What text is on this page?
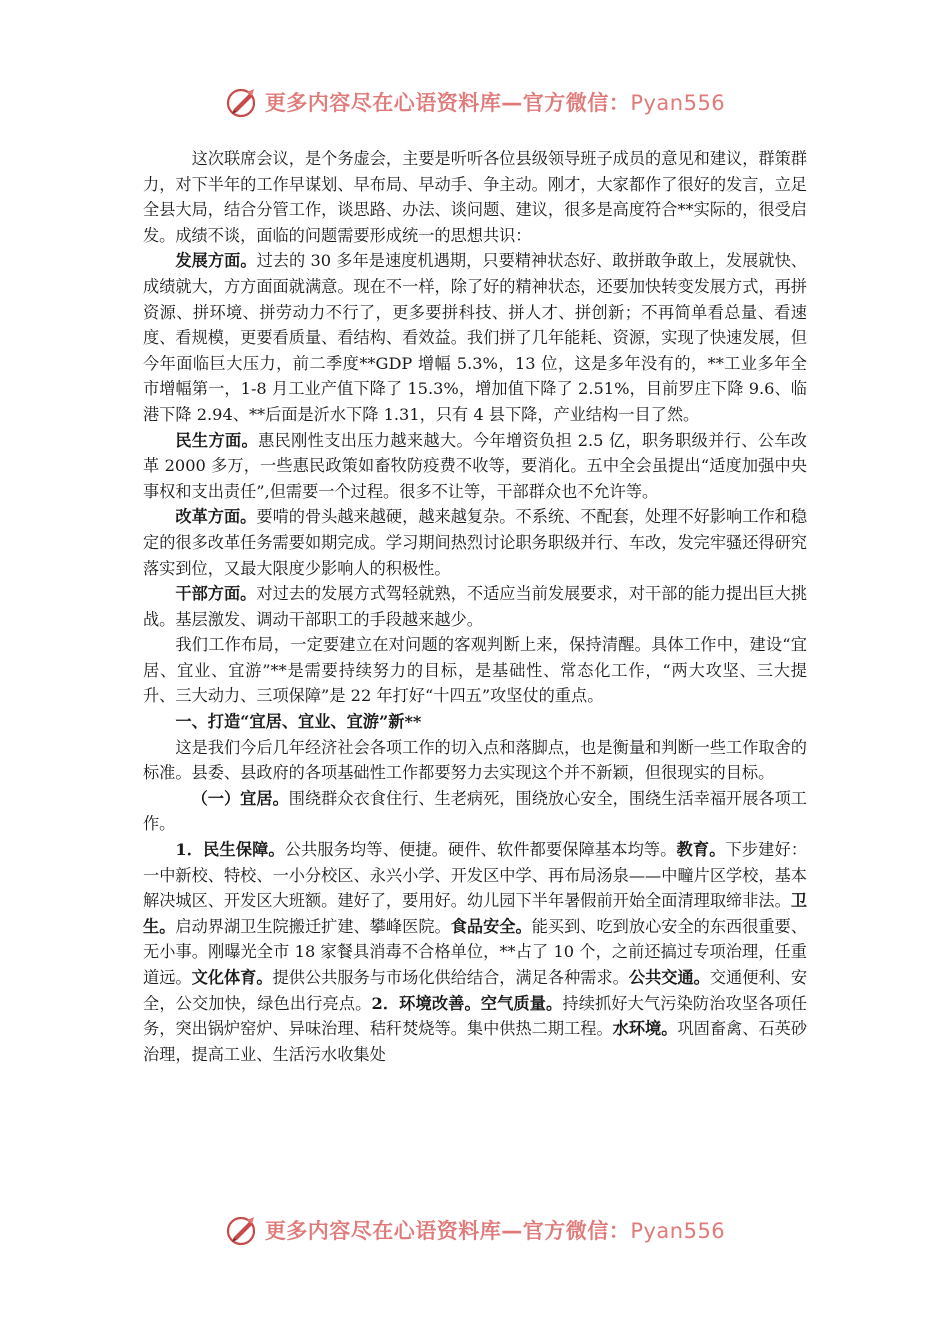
更多内容尽在心语资料库—官方微信：Pyan556

这次联席会议，是个务虚会，主要是听听各位县级领导班子成员的意见和建议，群策群力，对下半年的工作早谋划、早布局、早动手、争主动。刚才，大家都作了很好的发言，立足全县大局，结合分管工作，谈思路、办法、谈问题、建议，很多是高度符合**实际的，很受启发。成绩不谈，面临的问题需要形成统一的思想共识：

发展方面。过去的 30 多年是速度机遇期，只要精神状态好、敢拼敢争敢上，发展就快、成绩就大，方方面面就满意。现在不一样，除了好的精神状态，还要加快转变发展方式，再拼资源、拼环境、拼劳动力不行了，更多要拼科技、拼人才、拼创新；不再简单看总量、看速度、看规模，更要看质量、看结构、看效益。我们拼了几年能耗、资源，实现了快速发展，但今年面临巨大压力，前二季度**GDP 增幅 5.3%，13 位，这是多年没有的，**工业多年全市增幅第一，1-8 月工业产值下降了 15.3%，增加值下降了 2.51%，目前罗庄下降 9.6、临港下降 2.94、**后面是沂水下降 1.31，只有 4 县下降，产业结构一目了然。

民生方面。惠民刚性支出压力越来越大。今年增资负担 2.5 亿，职务职级并行、公车改革 2000 多万，一些惠民政策如畜牧防疫费不收等，要消化。五中全会虽提出“适度加强中央事权和支出责任”,但需要一个过程。很多不让等，干部群众也不允许等。

改革方面。要啃的骨头越来越硬，越来越复杂。不系统、不配套，处理不好影响工作和稳定的很多改革任务需要如期完成。学习期间热烈讨论职务职级并行、车改，发完牢骚还得研究落实到位，又最大限度少影响人的积极性。

干部方面。对过去的发展方式驾轻就熟，不适应当前发展要求，对干部的能力提出巨大挑战。基层激发、调动干部职工的手段越来越少。

我们工作布局，一定要建立在对问题的客观判断上来，保持清醒。具体工作中，建设“宜居、宜业、宜游”**是需要持续努力的目标，是基础性、常态化工作，“两大攻坚、三大提升、三大动力、三项保障”是 22 年打好“十四五”攻坚仗的重点。

一、打造“宜居、宜业、宜游”新**

这是我们今后几年经济社会各项工作的切入点和落脚点，也是衡量和判断一些工作取舍的标准。县委、县政府的各项基础性工作都要努力去实现这个并不新颖，但很现实的目标。

（一）宜居。围绕群众衣食住行、生老病死，围绕放心安全，围绕生活幸福开展各项工作。

1．民生保障。公共服务均等、便捷。硬件、软件都要保障基本均等。教育。下步建好：一中新校、特校、一小分校区、永兴小学、开发区中学、再布局汤泉——中疃片区学校，基本解决城区、开发区大班额。建好了，要用好。幼儿园下半年暑假前开始全面清理取缔非法。卫生。启动界湖卫生院搬迁扩建、攀峰医院。食品安全。能买到、吃到放心安全的东西很重要、无小事。刚曝光全市 18 家餐具消毒不合格单位，**占了 10 个，之前还搞过专项治理，任重道远。文化体育。提供公共服务与市场化供给结合，满足各种需求。公共交通。交通便利、安全，公交加快，绿色出行亮点。2．环境改善。空气质量。持续抓好大气污染防治攻坚各项任务，突出锅炉窑炉、异味治理、秸秆焚烧等。集中供热二期工程。水环境。巩固畜禽、石英砂治理，提高工业、生活污水收集处

更多内容尽在心语资料库—官方微信：Pyan556
